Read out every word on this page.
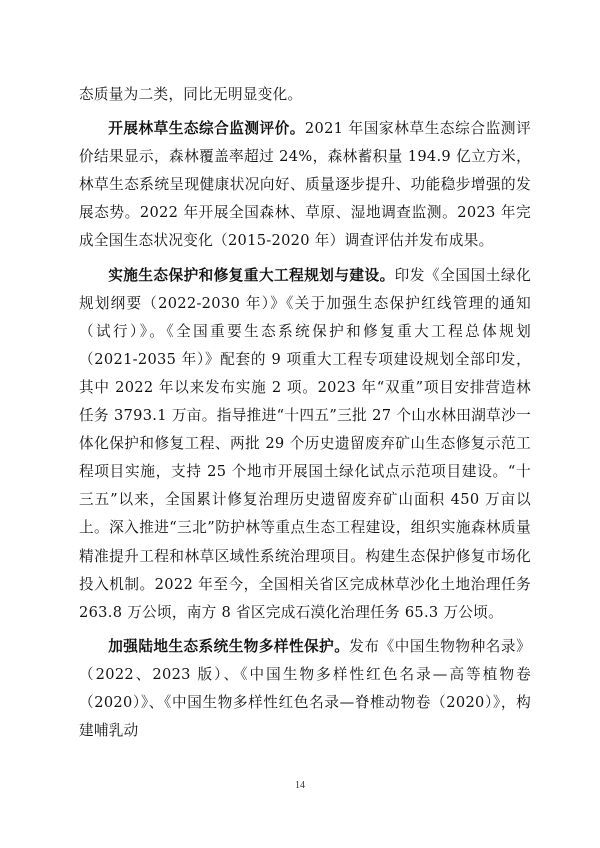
态质量为二类，同比无明显变化。

开展林草生态综合监测评价。2021 年国家林草生态综合监测评价结果显示，森林覆盖率超过 24%，森林蓄积量 194.9 亿立方米，林草生态系统呈现健康状况向好、质量逐步提升、功能稳步增强的发展态势。2022 年开展全国森林、草原、湿地调查监测。2023 年完成全国生态状况变化（2015-2020 年）调查评估并发布成果。

实施生态保护和修复重大工程规划与建设。印发《全国国土绿化规划纲要（2022-2030 年）》《关于加强生态保护红线管理的通知（试行）》。《全国重要生态系统保护和修复重大工程总体规划（2021-2035 年）》配套的 9 项重大工程专项建设规划全部印发，其中 2022 年以来发布实施 2 项。2023 年“双重”项目安排营造林任务 3793.1 万亩。指导推进“十四五”三批 27 个山水林田湖草沙一体化保护和修复工程、两批 29 个历史遗留废弃矿山生态修复示范工程项目实施，支持 25 个地市开展国土绿化试点示范项目建设。“十三五”以来，全国累计修复治理历史遗留废弃矿山面积 450 万亩以上。深入推进“三北”防护林等重点生态工程建设，组织实施森林质量精准提升工程和林草区域性系统治理项目。构建生态保护修复市场化投入机制。2022 年至今，全国相关省区完成林草沙化土地治理任务 263.8 万公顷，南方 8 省区完成石漠化治理任务 65.3 万公顷。

加强陆地生态系统生物多样性保护。发布《中国生物物种名录》（2022、2023 版）、《中国生物多样性红色名录—高等植物卷（2020）》、《中国生物多样性红色名录—脊椎动物卷（2020）》，构建哺乳动

14
